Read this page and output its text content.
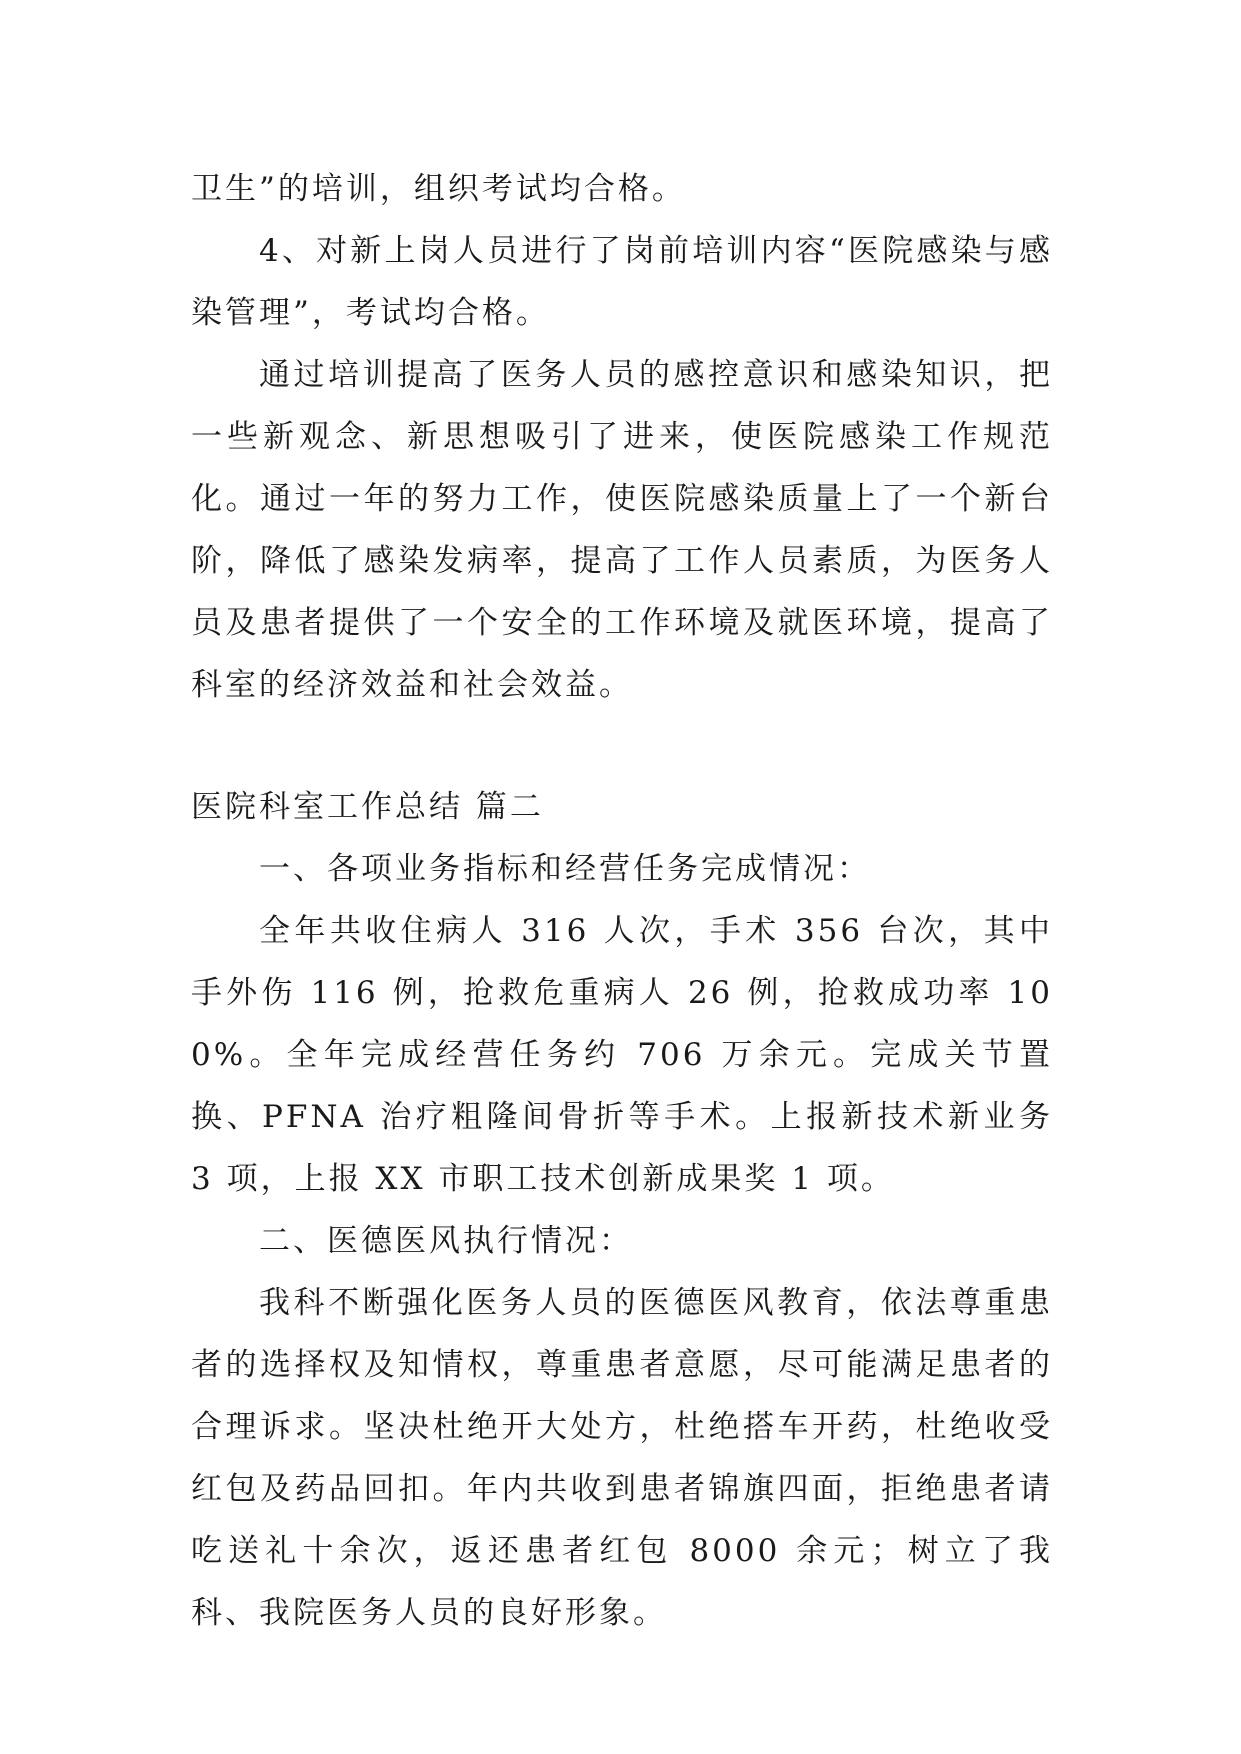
卫生”的培训，组织考试均合格。

4、对新上岗人员进行了岗前培训内容“医院感染与感染管理”，考试均合格。

通过培训提高了医务人员的感控意识和感染知识，把一些新观念、新思想吸引了进来，使医院感染工作规范化。通过一年的努力工作，使医院感染质量上了一个新台阶，降低了感染发病率，提高了工作人员素质，为医务人员及患者提供了一个安全的工作环境及就医环境，提高了科室的经济效益和社会效益。

医院科室工作总结 篇二

一、各项业务指标和经营任务完成情况：

全年共收住病人 316 人次，手术 356 台次，其中手外伤 116 例，抢救危重病人 26 例，抢救成功率 100%。全年完成经营任务约 706 万余元。完成关节置换、PFNA 治疗粗隆间骨折等手术。上报新技术新业务 3 项，上报 XX 市职工技术创新成果奖 1 项。

二、医德医风执行情况：

我科不断强化医务人员的医德医风教育，依法尊重患者的选择权及知情权，尊重患者意愿，尽可能满足患者的合理诉求。坚决杜绝开大处方，杜绝搭车开药，杜绝收受红包及药品回扣。年内共收到患者锦旗四面，拒绝患者请吃送礼十余次，返还患者红包 8000 余元；树立了我科、我院医务人员的良好形象。
